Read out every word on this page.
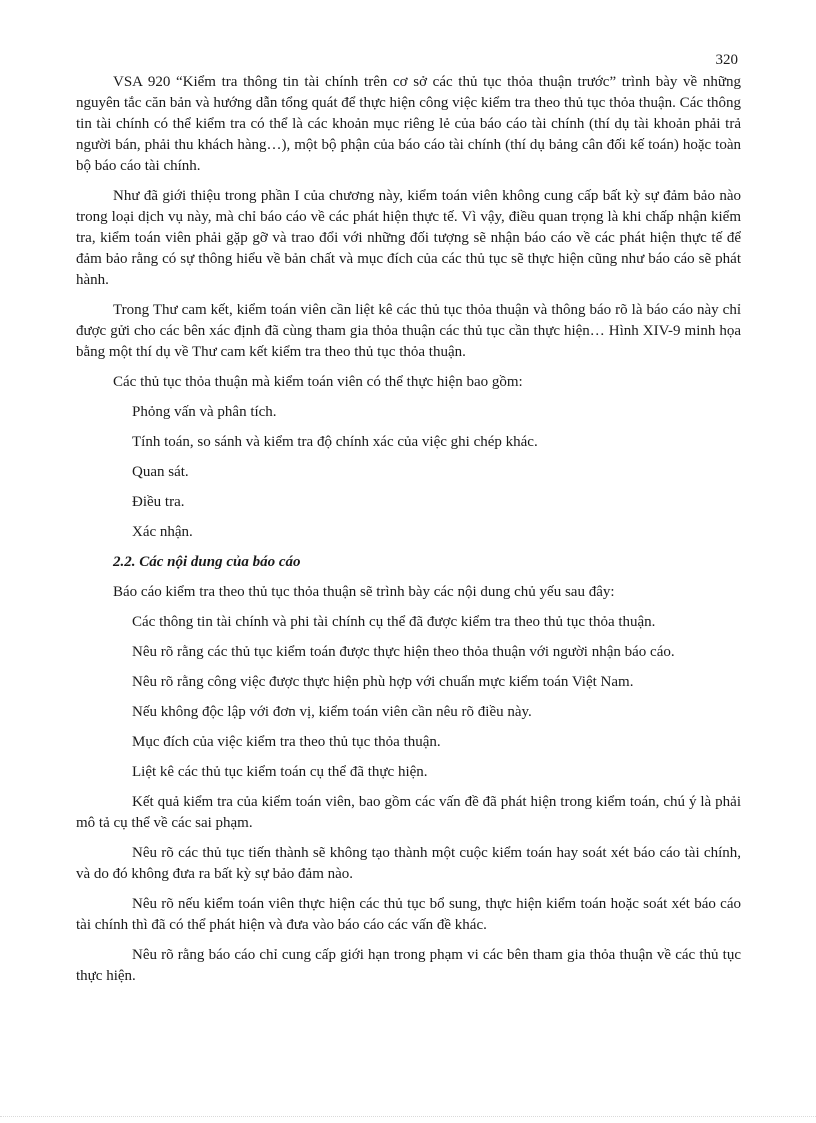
320

VSA 920 “Kiểm tra thông tin tài chính trên cơ sở các thủ tục thỏa thuận trước” trình bày về những nguyên tắc căn bản và hướng dẫn tổng quát để thực hiện công việc kiểm tra theo thủ tục thỏa thuận. Các thông tin tài chính có thể kiểm tra có thể là các khoản mục riêng lẻ của báo cáo tài chính (thí dụ tài khoản phải trả người bán, phải thu khách hàng…), một bộ phận của báo cáo tài chính (thí dụ bảng cân đối kế toán) hoặc toàn bộ báo cáo tài chính.

Như đã giới thiệu trong phần I của chương này, kiểm toán viên không cung cấp bất kỳ sự đảm bảo nào trong loại dịch vụ này, mà chỉ báo cáo về các phát hiện thực tế. Vì vậy, điều quan trọng là khi chấp nhận kiểm tra, kiểm toán viên phải gặp gỡ và trao đổi với những đối tượng sẽ nhận báo cáo về các phát hiện thực tế để đảm bảo rằng có sự thông hiểu về bản chất và mục đích của các thủ tục sẽ thực hiện cũng như báo cáo sẽ phát hành.

Trong Thư cam kết, kiểm toán viên cần liệt kê các thủ tục thỏa thuận và thông báo rõ là báo cáo này chỉ được gửi cho các bên xác định đã cùng tham gia thỏa thuận các thủ tục cần thực hiện… Hình XIV-9 minh họa bằng một thí dụ về Thư cam kết kiểm tra theo thủ tục thỏa thuận.

Các thủ tục thỏa thuận mà kiểm toán viên có thể thực hiện bao gồm:

Phỏng vấn và phân tích.
Tính toán, so sánh và kiểm tra độ chính xác của việc ghi chép khác.
Quan sát.
Điều tra.
Xác nhận.
2.2. Các nội dung của báo cáo

Báo cáo kiểm tra theo thủ tục thỏa thuận sẽ trình bày các nội dung chủ yếu sau đây:

Các thông tin tài chính và phi tài chính cụ thể đã được kiểm tra theo thủ tục thỏa thuận.

Nêu rõ rằng các thủ tục kiểm toán được thực hiện theo thỏa thuận với người nhận báo cáo.

Nêu rõ rằng công việc được thực hiện phù hợp với chuẩn mực kiểm toán Việt Nam.

Nếu không độc lập với đơn vị, kiểm toán viên cần nêu rõ điều này.

Mục đích của việc kiểm tra theo thủ tục thỏa thuận.

Liệt kê các thủ tục kiểm toán cụ thể đã thực hiện.

Kết quả kiểm tra của kiểm toán viên, bao gồm các vấn đề đã phát hiện trong kiểm toán, chú ý là phải mô tả cụ thể về các sai phạm.

Nêu rõ các thủ tục tiến thành sẽ không tạo thành một cuộc kiểm toán hay soát xét báo cáo tài chính, và do đó không đưa ra bất kỳ sự bảo đảm nào.

Nêu rõ nếu kiểm toán viên thực hiện các thủ tục bổ sung, thực hiện kiểm toán hoặc soát xét báo cáo tài chính thì đã có thể phát hiện và đưa vào báo cáo các vấn đề khác.

Nêu rõ rằng báo cáo chỉ cung cấp giới hạn trong phạm vi các bên tham gia thỏa thuận về các thủ tục thực hiện.
